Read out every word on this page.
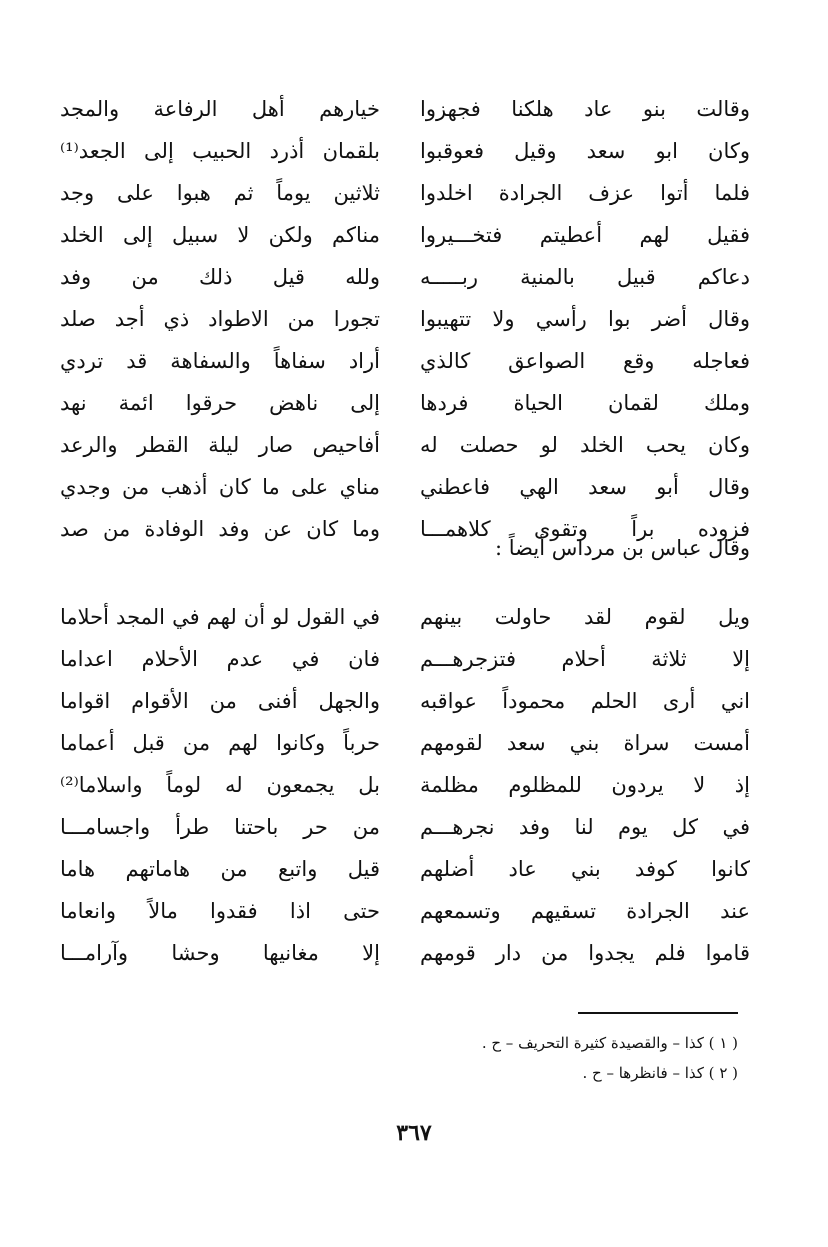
وقالت بنو عاد هلكنا فجهزوا
خيارهم أهل الرفاعة والمجد
وكان ابو سعد وقيل فعوقبوا
بلقمان أذرد الحبيب إلى الجعد⁽¹⁾
فلما أتوا عزف الجرادة اخلدوا
ثلاثين يوماً ثم هبوا على وجد
فقيل لهم أعطيتم فتخـــيروا
مناكم ولكن لا سبيل إلى الخلد
دعاكم قبيل بالمنية ربـــــه
ولله قيل ذلك من وفد
وقال أضر بوا رأسي ولا تتهيبوا
تجورا من الاطواد ذي أجد صلد
فعاجله وقع الصواعق كالذي
أراد سفاهاً والسفاهة قد تردي
وملك لقمان الحياة فردها
إلى ناهض حرقوا ائمة نهد
وكان يحب الخلد لو حصلت له
أفاحيص صار ليلة القطر والرعد
وقال أبو سعد الهي فاعطني
مناي على ما كان أذهب من وجدي
فزوده براً وتقوى كلاهمـــا
وما كان عن وفد الوفادة من صد
وقال عباس بن مرداس أيضاً :
ويل لقوم لقد حاولت بينهم
في القول لو أن لهم في المجد أحلاما
إلا ثلاثة أحلام فتزجرهـــم
فان في عدم الأحلام اعداما
اني أرى الحلم محموداً عواقبه
والجهل أفنى من الأقوام اقواما
أمست سراة بني سعد لقومهم
حرباً وكانوا لهم من قبل أعماما
إذ لا يردون للمظلوم مظلمة
بل يجمعون له لوماً واسلاما⁽²⁾
في كل يوم لنا وفد نجرهـــم
من حر باحتنا طرأ واجسامـــا
كانوا كوفد بني عاد أضلهم
قيل واتبع من هاماتهم هاما
عند الجرادة تسقيهم وتسمعهم
حتى اذا فقدوا مالاً وانعاما
قاموا فلم يجدوا من دار قومهم
إلا مغانيها وحشا وآرامـــا
( ١ ) كذا – والقصيدة كثيرة التحريف – ح .
( ٢ ) كذا – فانظرها – ح .
٣٦٧
